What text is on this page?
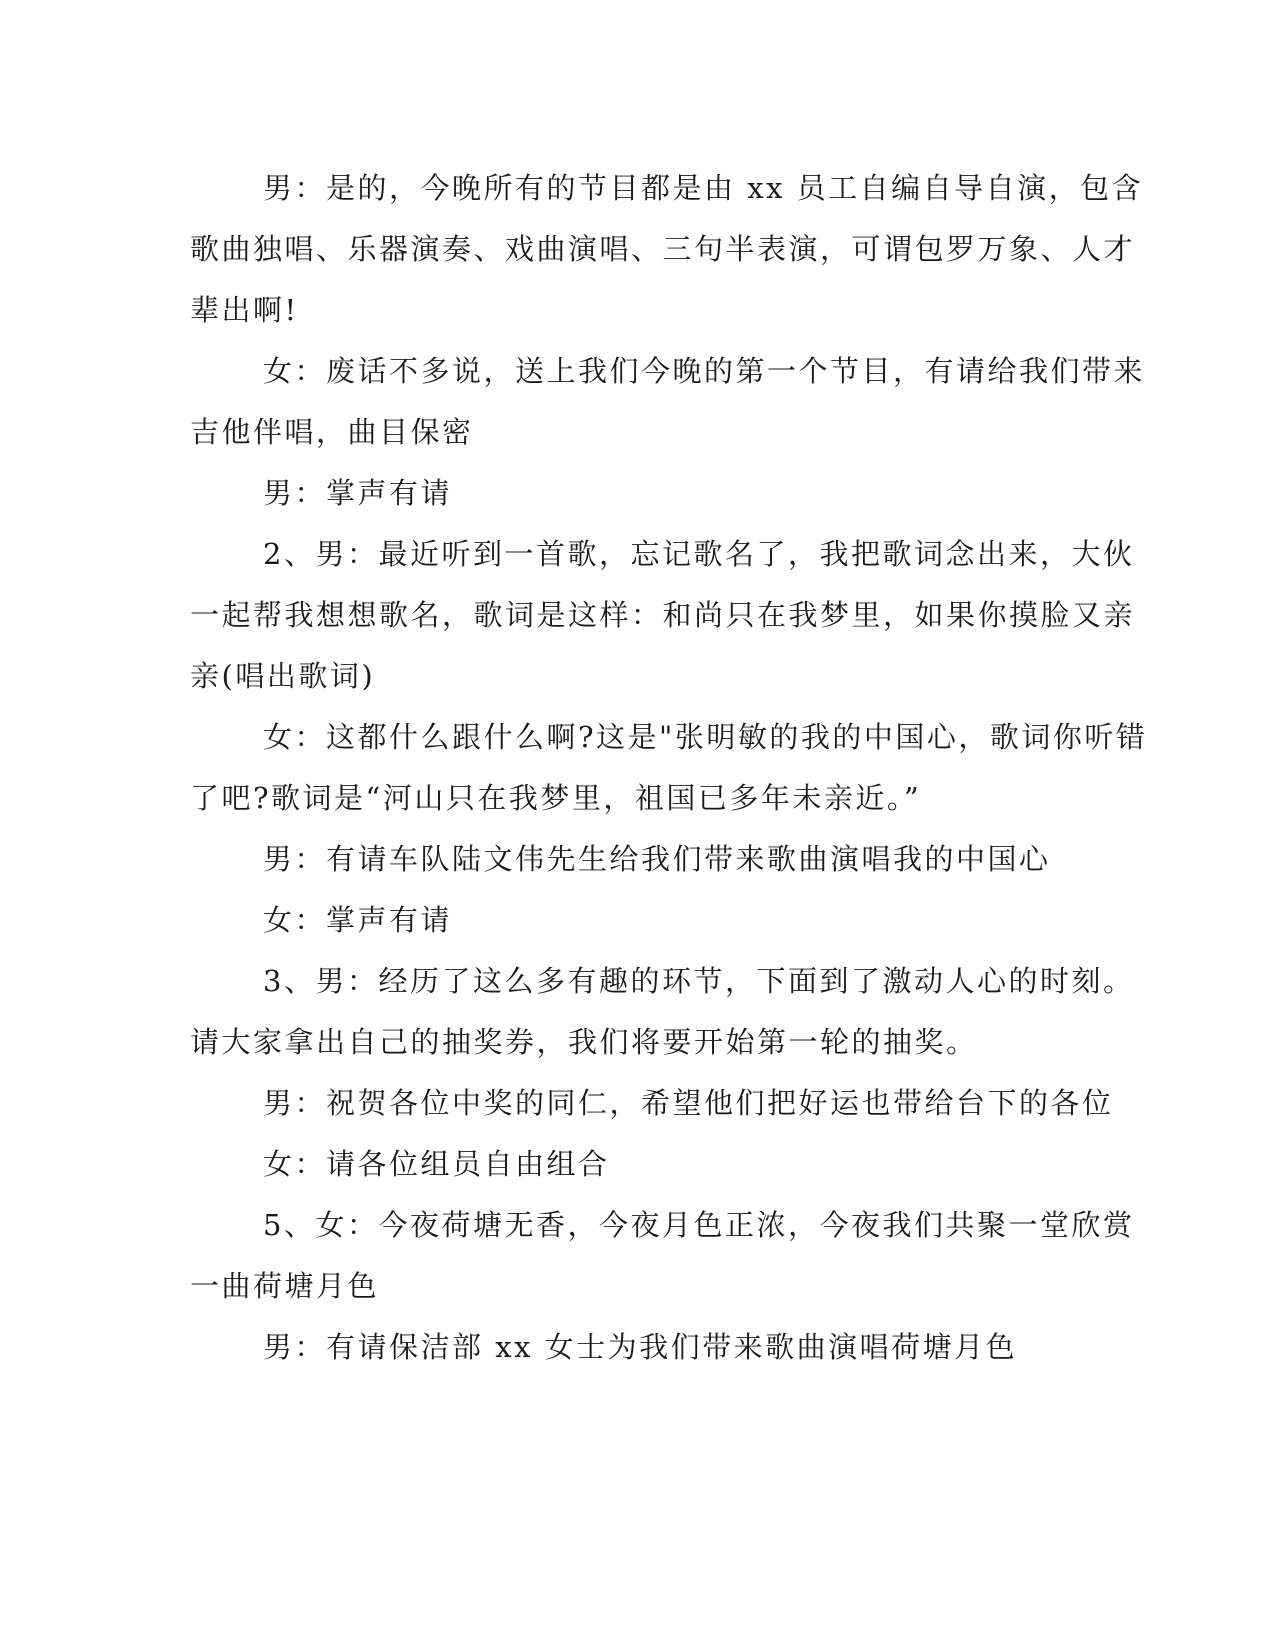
男：是的，今晚所有的节目都是由 xx 员工自编自导自演，包含
歌曲独唱、乐器演奏、戏曲演唱、三句半表演，可谓包罗万象、人才
辈出啊!

女：废话不多说，送上我们今晚的第一个节目，有请给我们带来
吉他伴唱，曲目保密

男：掌声有请

2、男：最近听到一首歌，忘记歌名了，我把歌词念出来，大伙
一起帮我想想歌名，歌词是这样：和尚只在我梦里，如果你摸脸又亲
亲(唱出歌词)

女：这都什么跟什么啊?这是"张明敏的我的中国心，歌词你听错
了吧?歌词是“河山只在我梦里，祖国已多年未亲近。”

男：有请车队陆文伟先生给我们带来歌曲演唱我的中国心

女：掌声有请

3、男：经历了这么多有趣的环节，下面到了激动人心的时刻。
请大家拿出自己的抽奖券，我们将要开始第一轮的抽奖。

男：祝贺各位中奖的同仁，希望他们把好运也带给台下的各位

女：请各位组员自由组合

5、女：今夜荷塘无香，今夜月色正浓，今夜我们共聚一堂欣赏
一曲荷塘月色

男：有请保洁部 xx 女士为我们带来歌曲演唱荷塘月色
